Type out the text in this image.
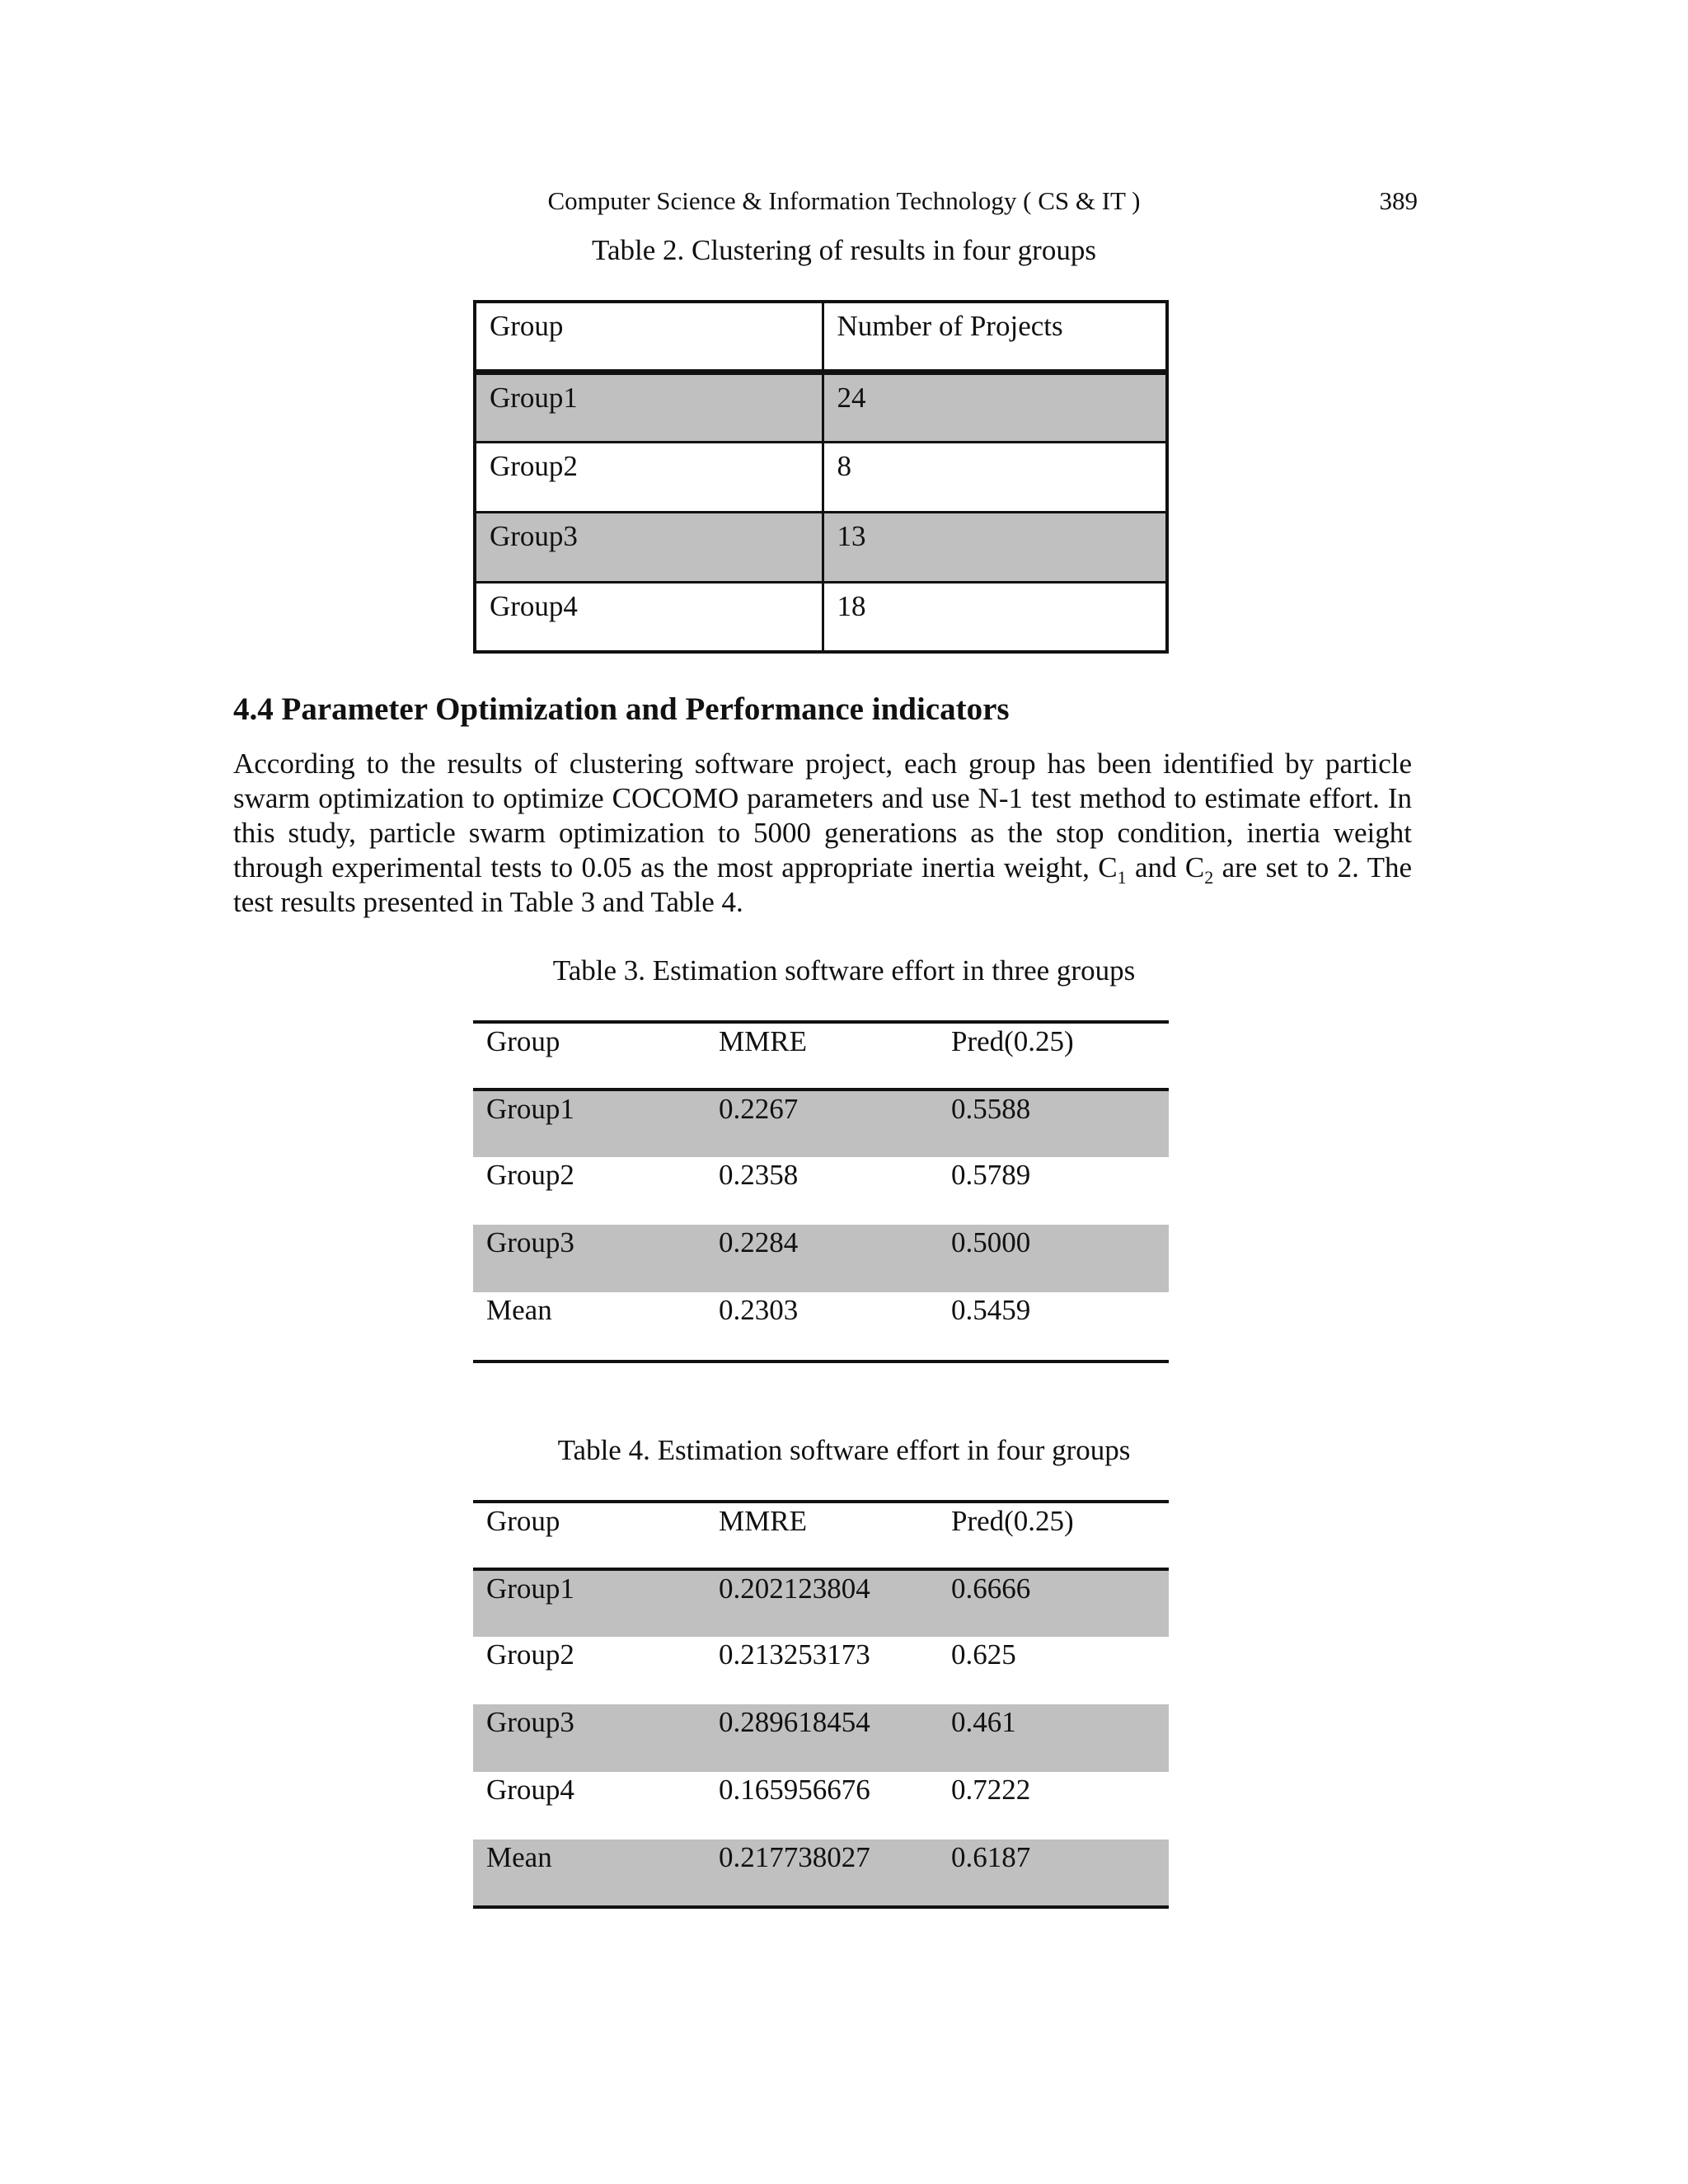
Computer Science & Information Technology ( CS & IT )	389
Table 2. Clustering of results in four groups
Group	Number of Projects
Group1	24
Group2	8
Group3	13
Group4	18
4.4 Parameter Optimization and Performance indicators

According to the results of clustering software project, each group has been identified by particle swarm optimization to optimize COCOMO parameters and use N-1 test method to estimate effort. In this study, particle swarm optimization to 5000 generations as the stop condition, inertia weight through experimental tests to 0.05 as the most appropriate inertia weight, $C_1$ and $C_2$ are set to 2. The test results presented in Table 3 and Table 4.

Table 3. Estimation software effort in three groups
Group	MMRE	Pred(0.25)
Group1	0.2267	0.5588
Group2	0.2358	0.5789
Group3	0.2284	0.5000
Mean	0.2303	0.5459
Table 4. Estimation software effort in four groups
Group	MMRE	Pred(0.25)
Group1	0.202123804	0.6666
Group2	0.213253173	0.625
Group3	0.289618454	0.461
Group4	0.165956676	0.7222
Mean	0.217738027	0.6187
